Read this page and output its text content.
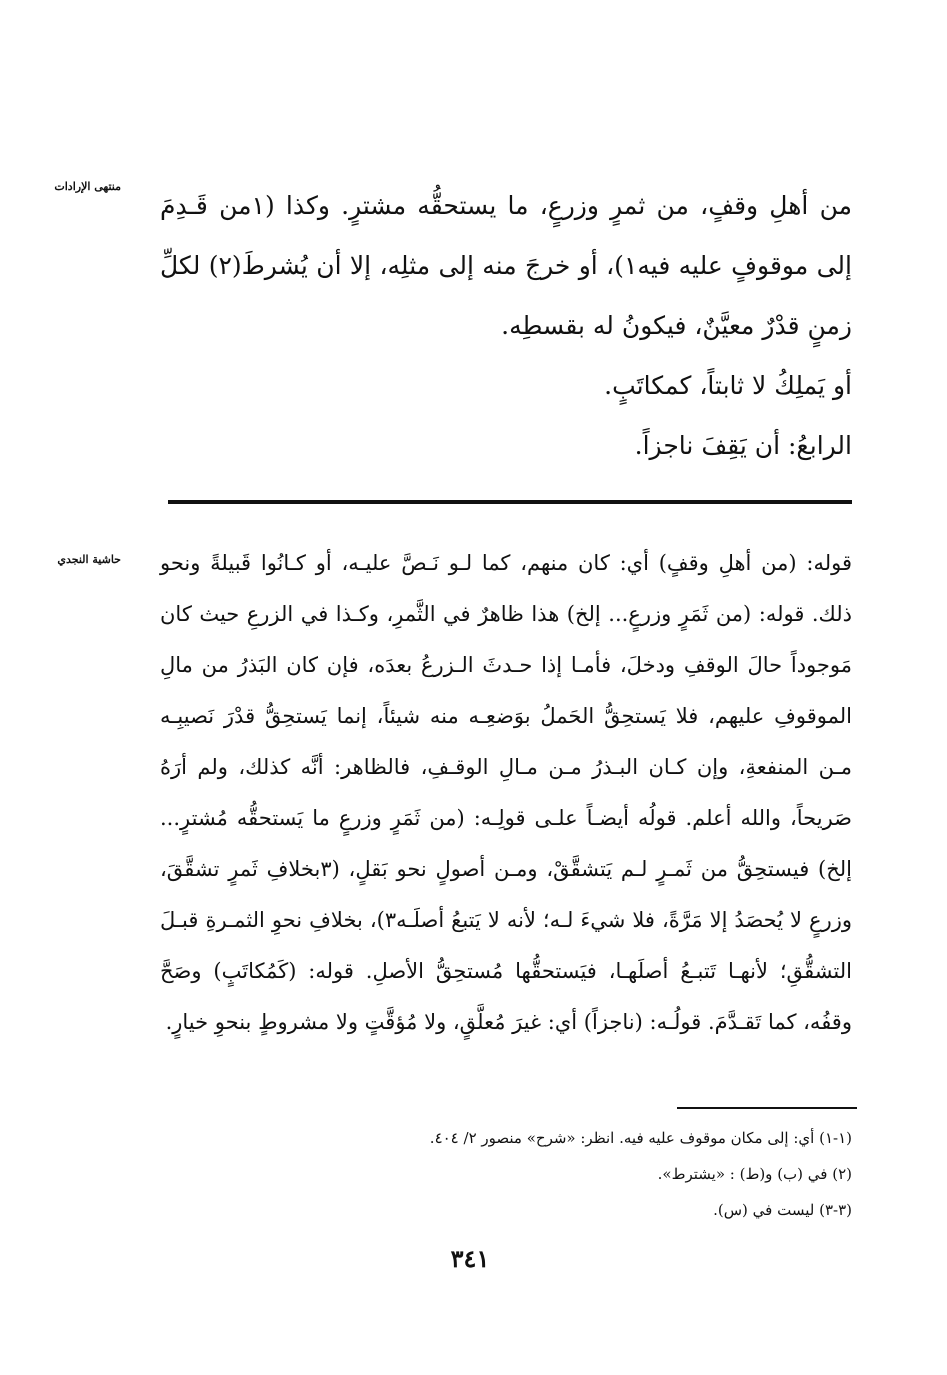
منتهى الإرادات

من أهلِ وقفٍ، من ثمرٍ وزرعٍ، ما يستحقُّه مشترٍ. وكذا (١من قَـدِمَ إلى موقوفٍ عليه فيه١)، أو خرجَ منه إلى مثلِه، إلا أن يُشرطَ(٢) لكلِّ زمنٍ قدْرٌ معيَّنٌ، فيكونُ له بقسطِه.

أو يَملِكُ لا ثابتاً، كمكاتَبٍ.

الرابعُ: أن يَقِفَ ناجزاً.

حاشية النجدي قوله: (من أهلِ وقفٍ) أي: كان منهم، كما لـو نَـصَّ عليـه، أو كـانُوا قَبيلةً ونحو ذلك. قوله: (من ثَمَرٍ وزرعٍ... إلخ) هذا ظاهرٌ في الثَّمرِ، وكـذا في الزرعِ حيث كان مَوجوداً حالَ الوقفِ ودخلَ، فأمـا إذا حـدثَ الـزرعُ بعدَه، فإن كان البَذرُ من مالِ الموقوفِ عليهم، فلا يَستحِقُّ الحَملُ بوَضعِـه منه شيئاً، إنما يَستحِقُّ قدْرَ نَصيبِـه مـن المنفعةِ، وإن كـان البـذرُ مـن مـالِ الوقـفِ، فالظاهر: أنَّه كذلك، ولم أرَهُ صَريحاً، والله أعلم. قولُه أيضـاً علـى قولِـه: (من ثَمَرٍ وزرعٍ ما يَستحقُّه مُشترٍ... إلخ) فيستحِقُّ من ثَمـرٍ لـم يَتشقَّقْ، ومـن أصولٍ نحو بَقلٍ، (٣بخلافِ ثَمرٍ تشقَّقَ، وزرعٍ لا يُحصَدُ إلا مَرَّةً، فلا شيءَ لـه؛ لأنه لا يَتبعُ أصلَـه٣)، بخلافِ نحوِ الثمـرةِ قبـلَ التشقُّقِ؛ لأنهـا تَتبـعُ أصلَهـا، فيَستحقُّها مُستحِقُّ الأصلِ. قوله: (كَمُكاتَبٍ) وصَحَّ وقفُه، كما تَقـدَّمَ. قولُـه: (ناجزاً) أي: غيرَ مُعلَّقٍ، ولا مُؤقَّتٍ ولا مشروطٍ بنحوِ خيارٍ.

(١-١) أي: إلى مكان موقوف عليه فيه. انظر: «شرح» منصور ٢/ ٤٠٤.
(٢) في (ب) و(ط) : «يشترط».
(٣-٣) ليست في (س).
٣٤١
